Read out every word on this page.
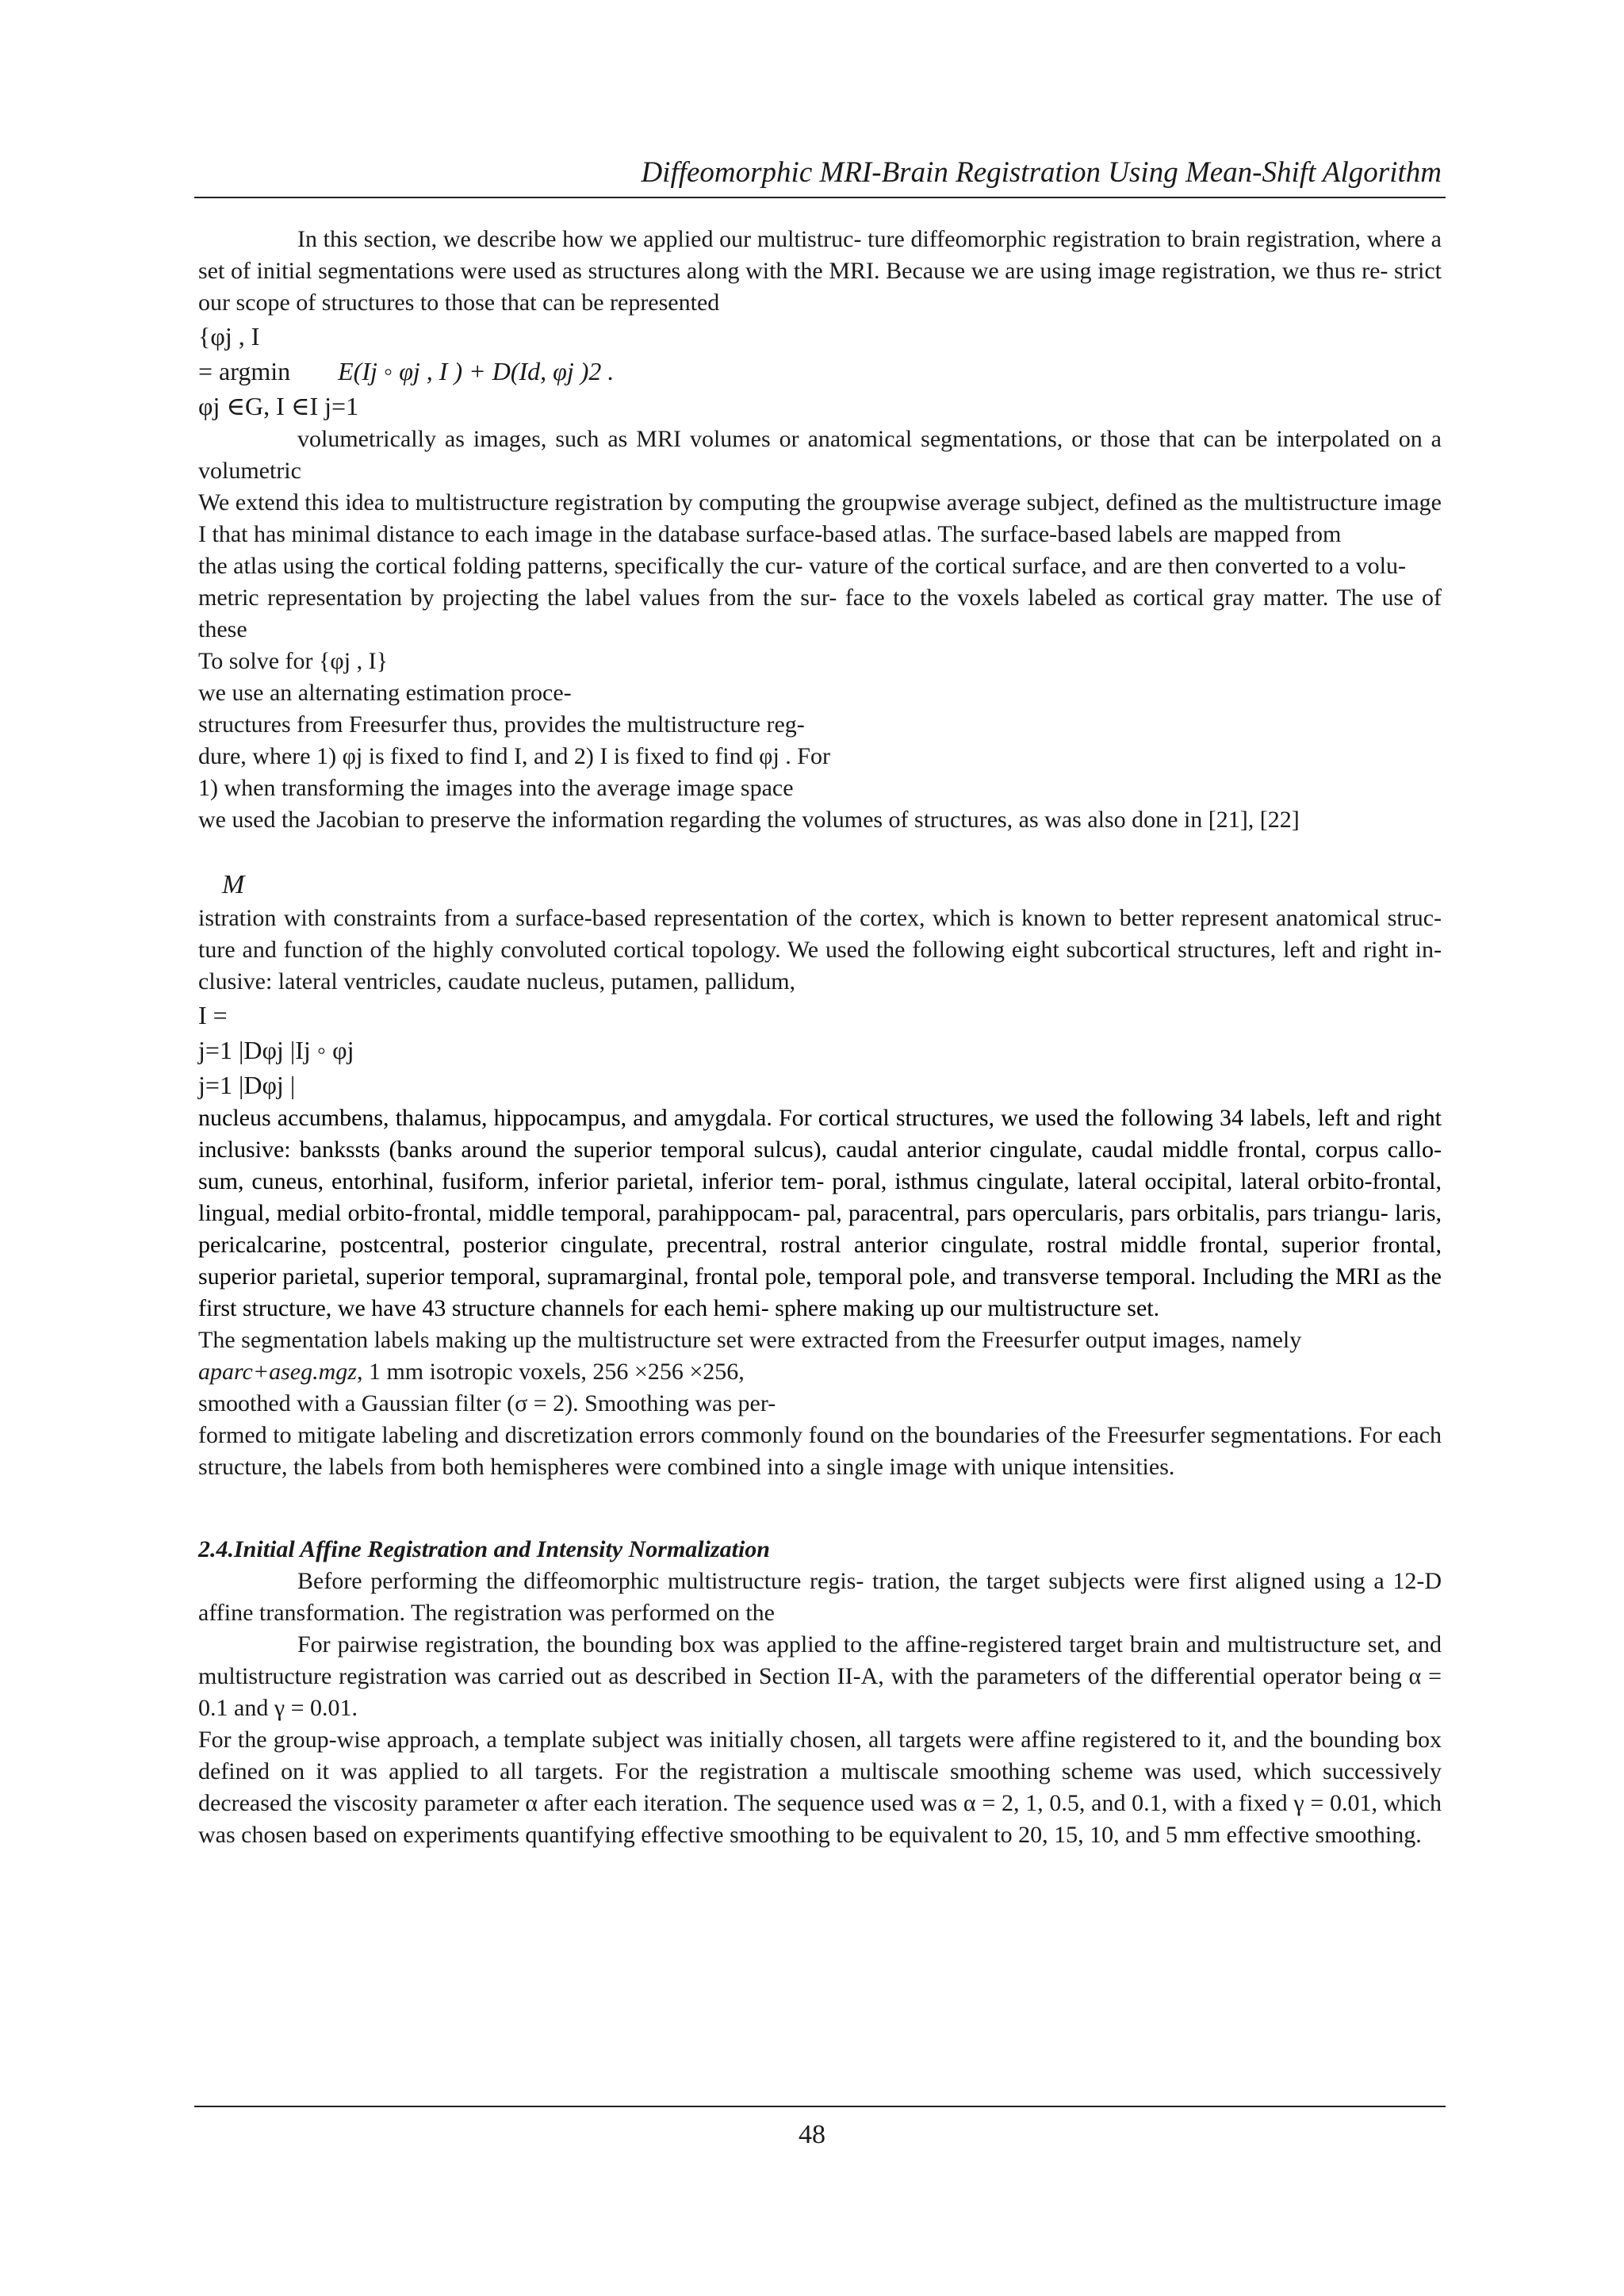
Diffeomorphic MRI-Brain Registration Using Mean-Shift Algorithm

In this section, we describe how we applied our multistruc- ture diffeomorphic registration to brain registration, where a set of initial segmentations were used as structures along with the MRI. Because we are using image registration, we thus re- strict our scope of structures to those that can be represented

{φj , I
= argmin E(Ij ◦ φj , I ) + D(Id, φj )2 .
φj ∈G, I ∈I j=1

volumetrically as images, such as MRI volumes or anatomical segmentations, or those that can be interpolated on a volumetric

We extend this idea to multistructure registration by computing the groupwise average subject, defined as the multistructure image I that has minimal distance to each image in the database surface-based atlas. The surface-based labels are mapped from

the atlas using the cortical folding patterns, specifically the cur- vature of the cortical surface, and are then converted to a volu-

metric representation by projecting the label values from the sur- face to the voxels labeled as cortical gray matter. The use of these

To solve for {φj , I}

we use an alternating estimation proce-

structures from Freesurfer thus, provides the multistructure reg-

dure, where 1) φj is fixed to find I, and 2) I is fixed to find φj . For

1) when transforming the images into the average image space

we used the Jacobian to preserve the information regarding the volumes of structures, as was also done in [21], [22]

M

istration with constraints from a surface-based representation of the cortex, which is known to better represent anatomical struc- ture and function of the highly convoluted cortical topology. We used the following eight subcortical structures, left and right in- clusive: lateral ventricles, caudate nucleus, putamen, pallidum,

I =
j=1 |Dφj |Ij ◦ φj
j=1 |Dφj |

nucleus accumbens, thalamus, hippocampus, and amygdala. For cortical structures, we used the following 34 labels, left and right inclusive: bankssts (banks around the superior temporal sulcus), caudal anterior cingulate, caudal middle frontal, corpus callo- sum, cuneus, entorhinal, fusiform, inferior parietal, inferior tem- poral, isthmus cingulate, lateral occipital, lateral orbito-frontal, lingual, medial orbito-frontal, middle temporal, parahippocam- pal, paracentral, pars opercularis, pars orbitalis, pars triangu- laris, pericalcarine, postcentral, posterior cingulate, precentral, rostral anterior cingulate, rostral middle frontal, superior frontal, superior parietal, superior temporal, supramarginal, frontal pole, temporal pole, and transverse temporal. Including the MRI as the first structure, we have 43 structure channels for each hemi- sphere making up our multistructure set.

The segmentation labels making up the multistructure set were extracted from the Freesurfer output images, namely

aparc+aseg.mgz, 1 mm isotropic voxels, 256 ×256 ×256,

smoothed with a Gaussian filter (σ = 2). Smoothing was per-

formed to mitigate labeling and discretization errors commonly found on the boundaries of the Freesurfer segmentations. For each structure, the labels from both hemispheres were combined into a single image with unique intensities.

2.4.Initial Affine Registration and Intensity Normalization

Before performing the diffeomorphic multistructure regis- tration, the target subjects were first aligned using a 12-D affine transformation. The registration was performed on the

For pairwise registration, the bounding box was applied to the affine-registered target brain and multistructure set, and multistructure registration was carried out as described in Section II-A, with the parameters of the differential operator being α = 0.1 and γ = 0.01.

For the group-wise approach, a template subject was initially chosen, all targets were affine registered to it, and the bounding box defined on it was applied to all targets. For the registration a multiscale smoothing scheme was used, which successively decreased the viscosity parameter α after each iteration. The sequence used was α = 2, 1, 0.5, and 0.1, with a fixed γ = 0.01, which was chosen based on experiments quantifying effective smoothing to be equivalent to 20, 15, 10, and 5 mm effective smoothing.

48
